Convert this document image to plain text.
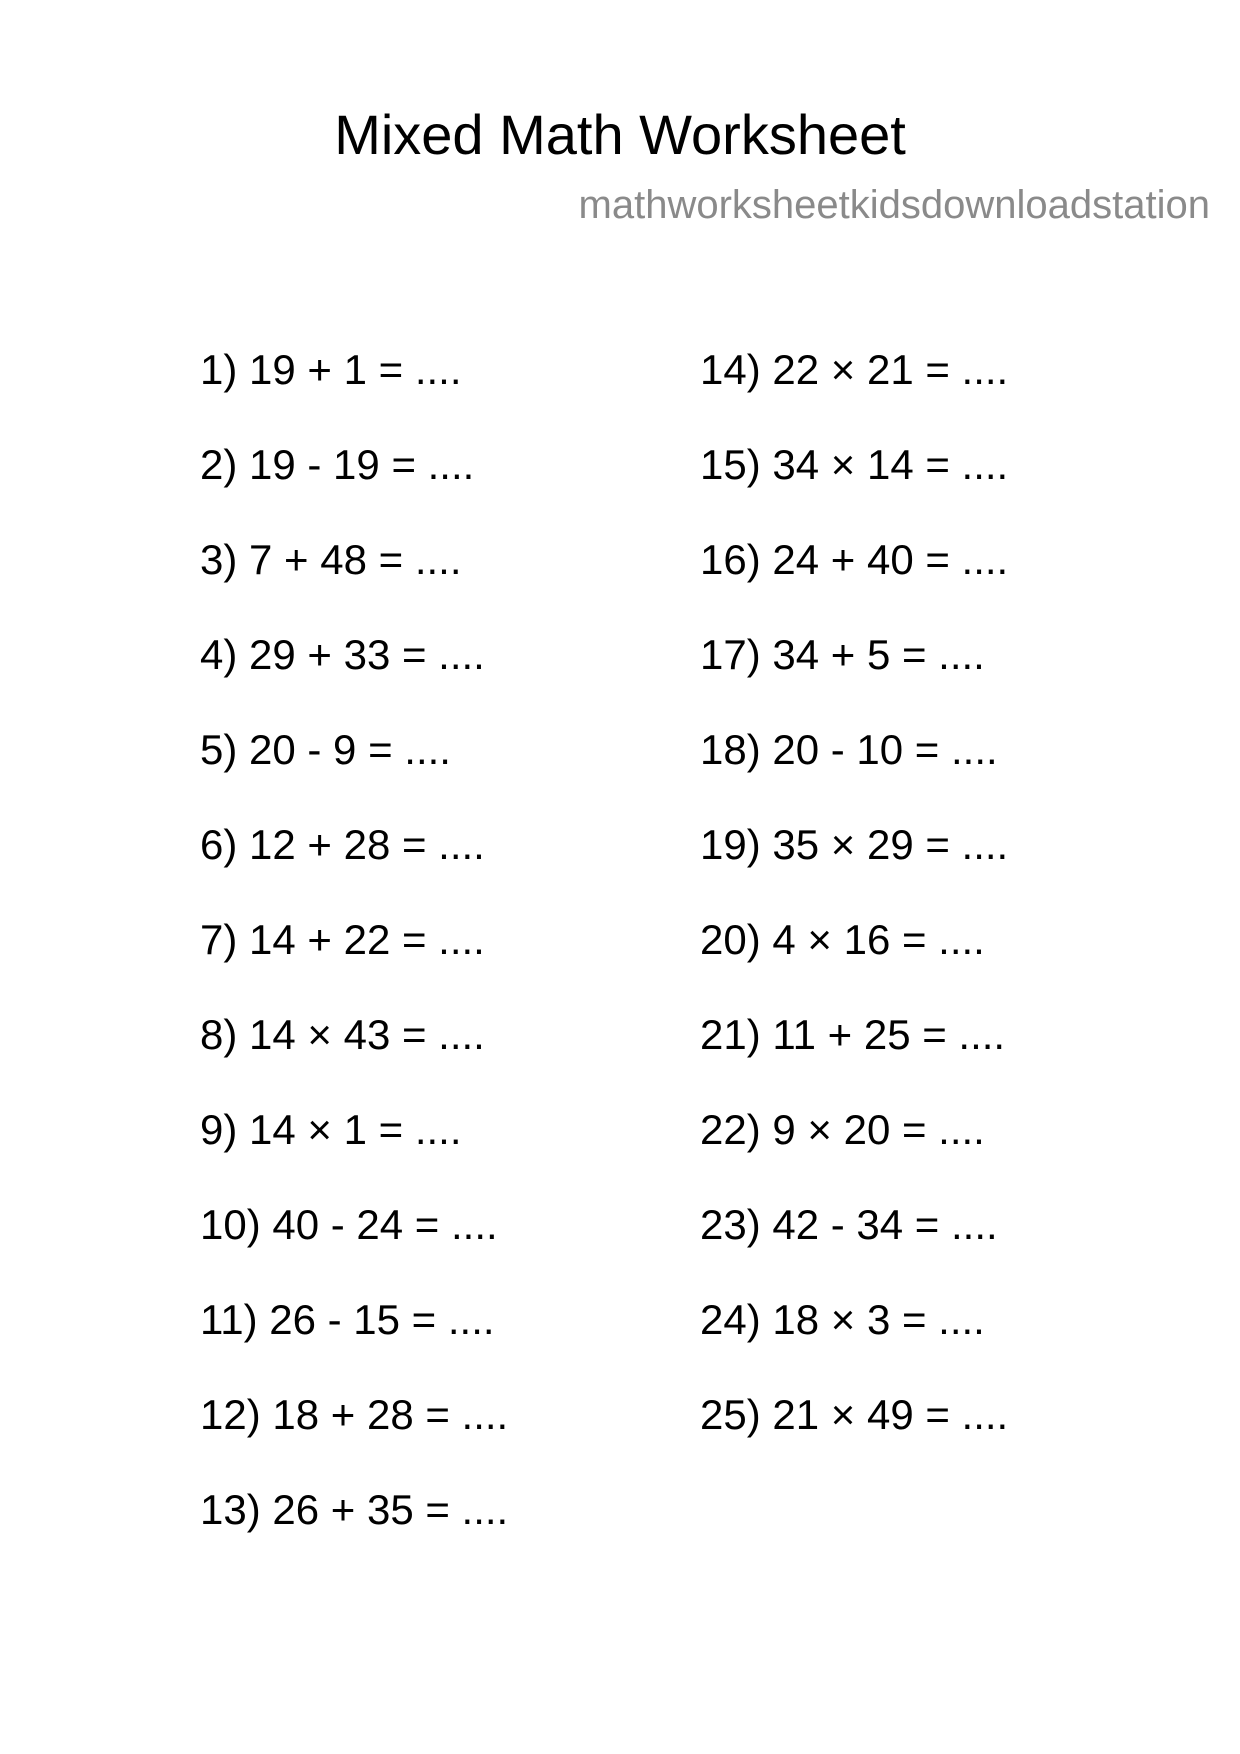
Mixed Math Worksheet

mathworksheetkidsdownloadstation

1) 19 + 1 = ....
2) 19 - 19 = ....
3) 7 + 48 = ....
4) 29 + 33 = ....
5) 20 - 9 = ....
6) 12 + 28 = ....
7) 14 + 22 = ....
8) 14 × 43 = ....
9) 14 × 1 = ....
10) 40 - 24 = ....
11) 26 - 15 = ....
12) 18 + 28 = ....
13) 26 + 35 = ....
14) 22 × 21 = ....
15) 34 × 14 = ....
16) 24 + 40 = ....
17) 34 + 5 = ....
18) 20 - 10 = ....
19) 35 × 29 = ....
20) 4 × 16 = ....
21) 11 + 25 = ....
22) 9 × 20 = ....
23) 42 - 34 = ....
24) 18 × 3 = ....
25) 21 × 49 = ....
